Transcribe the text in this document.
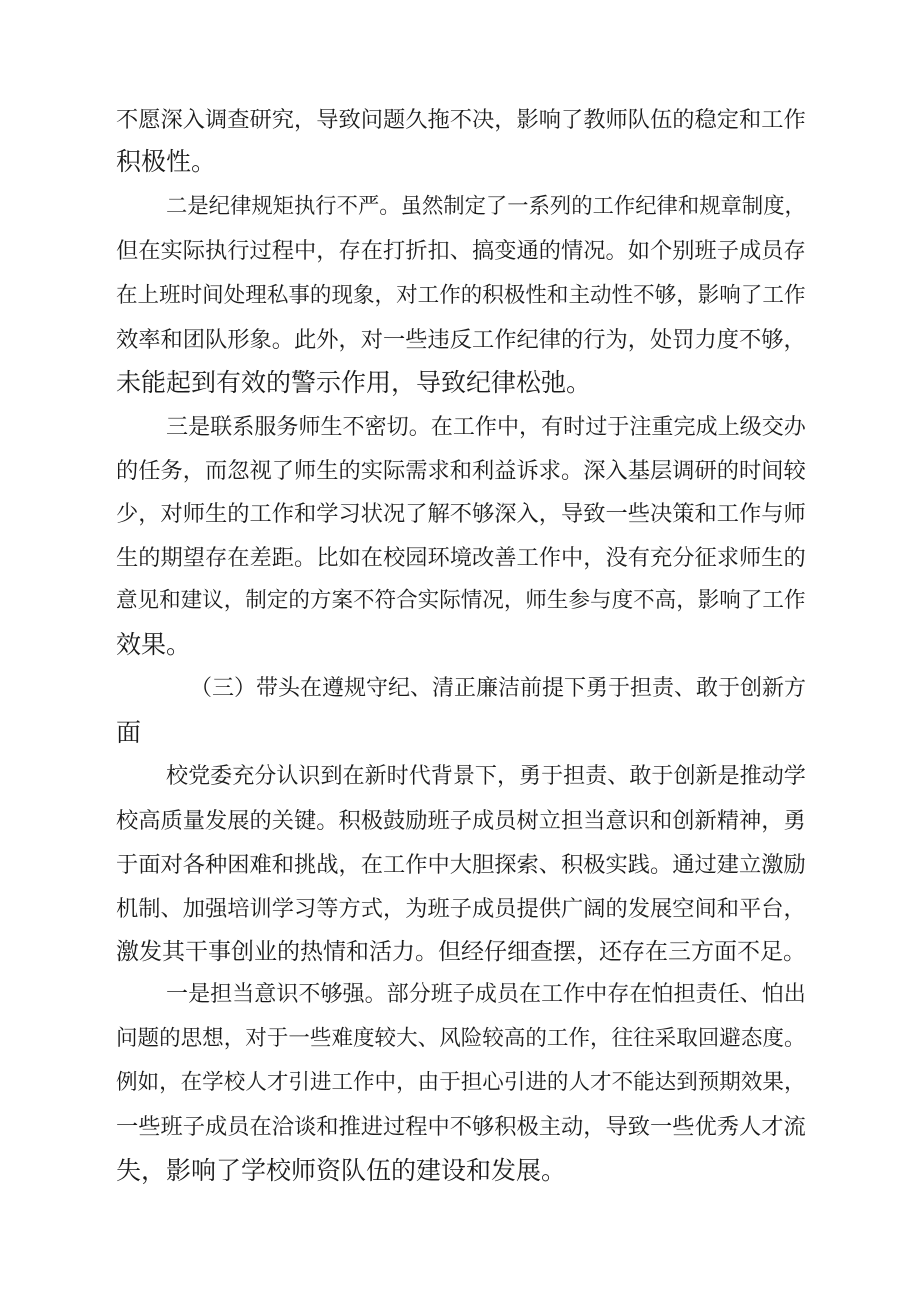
不愿深入调查研究，导致问题久拖不决，影响了教师队伍的稳定和工作
积极性。
二是纪律规矩执行不严。虽然制定了一系列的工作纪律和规章制度，
但在实际执行过程中，存在打折扣、搞变通的情况。如个别班子成员存
在上班时间处理私事的现象，对工作的积极性和主动性不够，影响了工作
效率和团队形象。此外，对一些违反工作纪律的行为，处罚力度不够，
未能起到有效的警示作用，导致纪律松弛。
三是联系服务师生不密切。在工作中，有时过于注重完成上级交办
的任务，而忽视了师生的实际需求和利益诉求。深入基层调研的时间较
少，对师生的工作和学习状况了解不够深入，导致一些决策和工作与师
生的期望存在差距。比如在校园环境改善工作中，没有充分征求师生的
意见和建议，制定的方案不符合实际情况，师生参与度不高，影响了工作
效果。
（三）带头在遵规守纪、清正廉洁前提下勇于担责、敢于创新方
面
校党委充分认识到在新时代背景下，勇于担责、敢于创新是推动学
校高质量发展的关键。积极鼓励班子成员树立担当意识和创新精神，勇
于面对各种困难和挑战，在工作中大胆探索、积极实践。通过建立激励
机制、加强培训学习等方式，为班子成员提供广阔的发展空间和平台，
激发其干事创业的热情和活力。但经仔细查摆，还存在三方面不足。
一是担当意识不够强。部分班子成员在工作中存在怕担责任、怕出
问题的思想，对于一些难度较大、风险较高的工作，往往采取回避态度。
例如，在学校人才引进工作中，由于担心引进的人才不能达到预期效果，
一些班子成员在洽谈和推进过程中不够积极主动，导致一些优秀人才流
失，影响了学校师资队伍的建设和发展。
